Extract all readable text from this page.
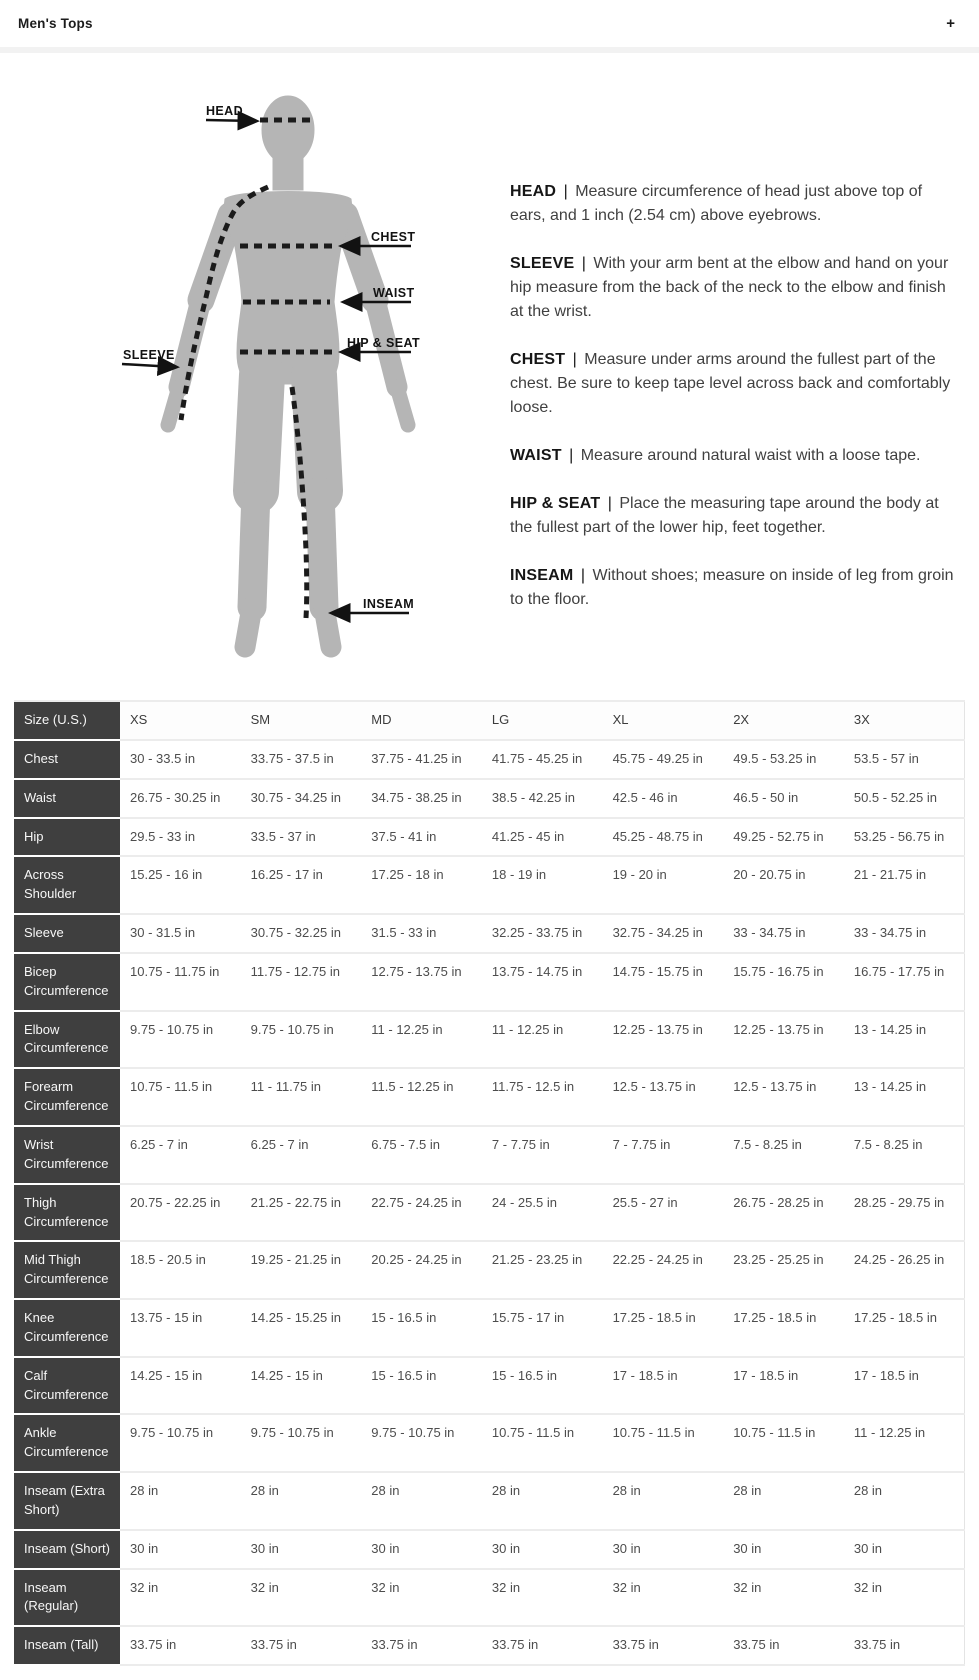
Men's Tops	+
HEAD
CHEST
WAIST
HIP & SEAT
SLEEVE
INSEAM

HEAD | Measure circumference of head just above top of ears, and 1 inch (2.54 cm) above eyebrows.

SLEEVE | With your arm bent at the elbow and hand on your hip measure from the back of the neck to the elbow and finish at the wrist.

CHEST | Measure under arms around the fullest part of the chest. Be sure to keep tape level across back and comfortably loose.

WAIST | Measure around natural waist with a loose tape.

HIP & SEAT | Place the measuring tape around the body at the fullest part of the lower hip, feet together.

INSEAM | Without shoes; measure on inside of leg from groin to the floor.

Size (U.S.)	XS	SM	MD	LG	XL	2X	3X
Chest	30 - 33.5 in	33.75 - 37.5 in	37.75 - 41.25 in	41.75 - 45.25 in	45.75 - 49.25 in	49.5 - 53.25 in	53.5 - 57 in
Waist	26.75 - 30.25 in	30.75 - 34.25 in	34.75 - 38.25 in	38.5 - 42.25 in	42.5 - 46 in	46.5 - 50 in	50.5 - 52.25 in
Hip	29.5 - 33 in	33.5 - 37 in	37.5 - 41 in	41.25 - 45 in	45.25 - 48.75 in	49.25 - 52.75 in	53.25 - 56.75 in
Across Shoulder	15.25 - 16 in	16.25 - 17 in	17.25 - 18 in	18 - 19 in	19 - 20 in	20 - 20.75 in	21 - 21.75 in
Sleeve	30 - 31.5 in	30.75 - 32.25 in	31.5 - 33 in	32.25 - 33.75 in	32.75 - 34.25 in	33 - 34.75 in	33 - 34.75 in
Bicep Circumference	10.75 - 11.75 in	11.75 - 12.75 in	12.75 - 13.75 in	13.75 - 14.75 in	14.75 - 15.75 in	15.75 - 16.75 in	16.75 - 17.75 in
Elbow Circumference	9.75 - 10.75 in	9.75 - 10.75 in	11 - 12.25 in	11 - 12.25 in	12.25 - 13.75 in	12.25 - 13.75 in	13 - 14.25 in
Forearm Circumference	10.75 - 11.5 in	11 - 11.75 in	11.5 - 12.25 in	11.75 - 12.5 in	12.5 - 13.75 in	12.5 - 13.75 in	13 - 14.25 in
Wrist Circumference	6.25 - 7 in	6.25 - 7 in	6.75 - 7.5 in	7 - 7.75 in	7 - 7.75 in	7.5 - 8.25 in	7.5 - 8.25 in
Thigh Circumference	20.75 - 22.25 in	21.25 - 22.75 in	22.75 - 24.25 in	24 - 25.5 in	25.5 - 27 in	26.75 - 28.25 in	28.25 - 29.75 in
Mid Thigh Circumference	18.5 - 20.5 in	19.25 - 21.25 in	20.25 - 24.25 in	21.25 - 23.25 in	22.25 - 24.25 in	23.25 - 25.25 in	24.25 - 26.25 in
Knee Circumference	13.75 - 15 in	14.25 - 15.25 in	15 - 16.5 in	15.75 - 17 in	17.25 - 18.5 in	17.25 - 18.5 in	17.25 - 18.5 in
Calf Circumference	14.25 - 15 in	14.25 - 15 in	15 - 16.5 in	15 - 16.5 in	17 - 18.5 in	17 - 18.5 in	17 - 18.5 in
Ankle Circumference	9.75 - 10.75 in	9.75 - 10.75 in	9.75 - 10.75 in	10.75 - 11.5 in	10.75 - 11.5 in	10.75 - 11.5 in	11 - 12.25 in
Inseam (Extra Short)	28 in	28 in	28 in	28 in	28 in	28 in	28 in
Inseam (Short)	30 in	30 in	30 in	30 in	30 in	30 in	30 in
Inseam (Regular)	32 in	32 in	32 in	32 in	32 in	32 in	32 in
Inseam (Tall)	33.75 in	33.75 in	33.75 in	33.75 in	33.75 in	33.75 in	33.75 in
